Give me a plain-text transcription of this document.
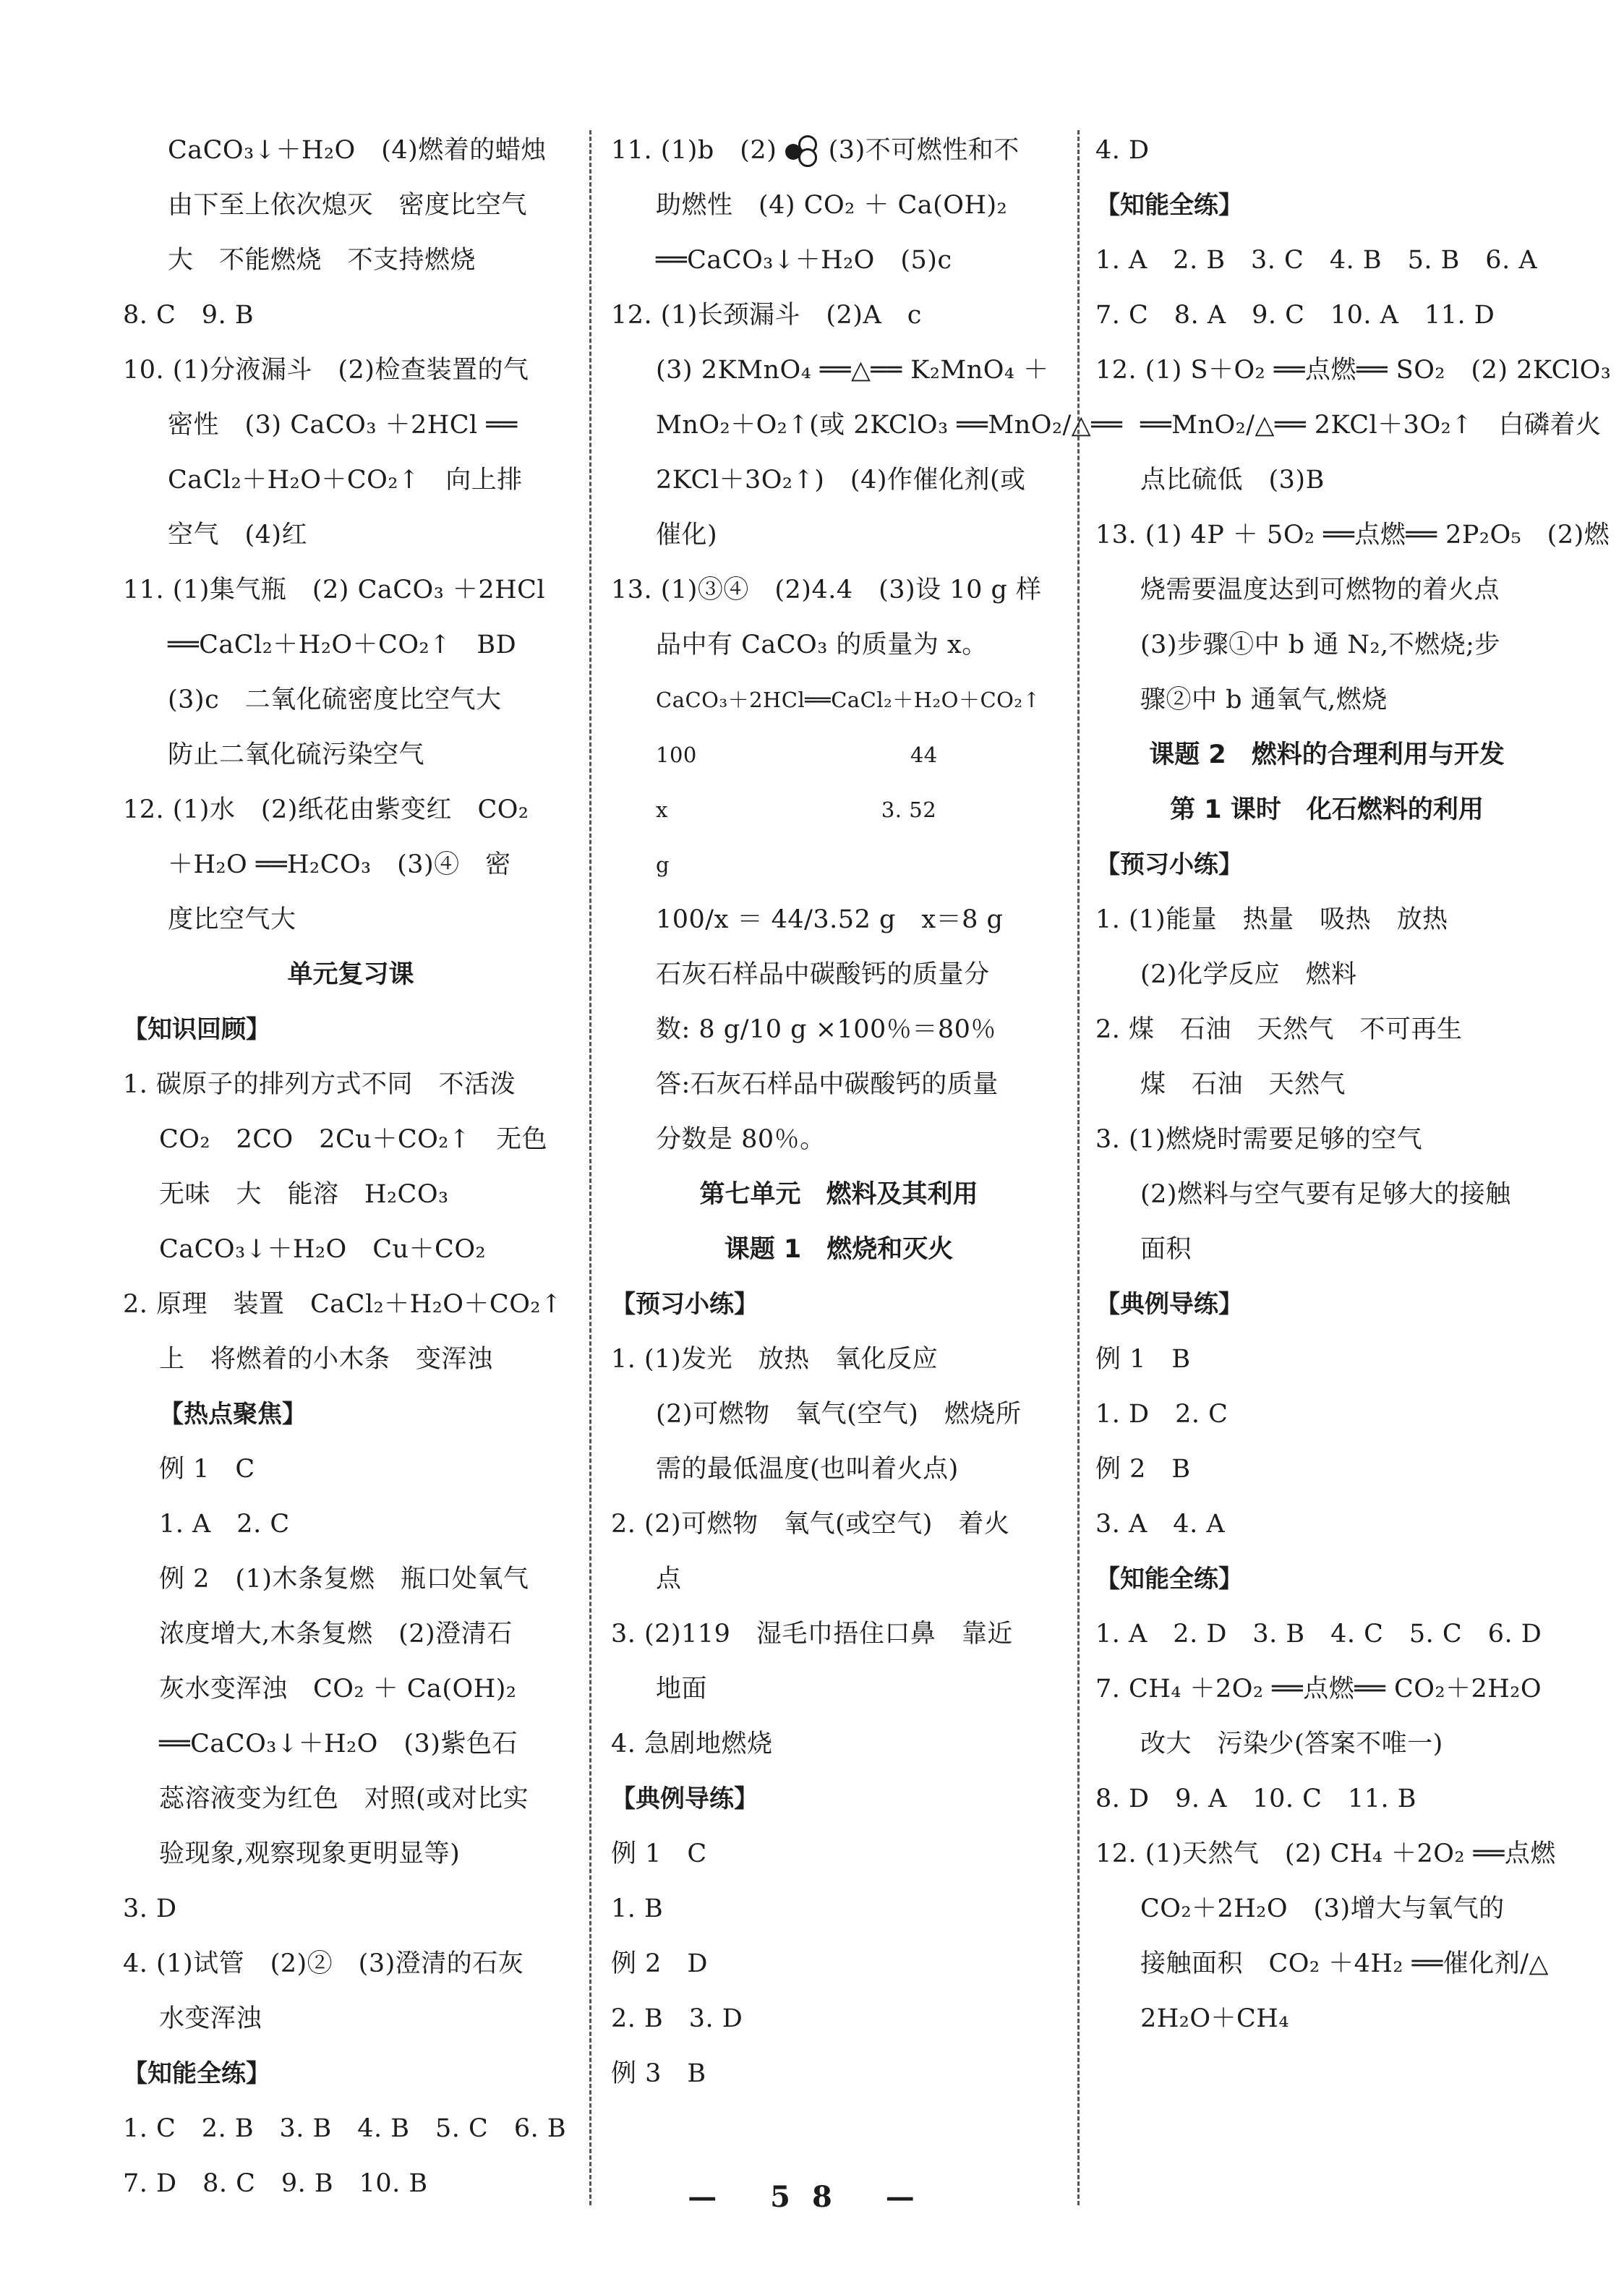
CaCO₃↓＋H₂O　(4)燃着的蜡烛
由下至上依次熄灭　密度比空气
大　不能燃烧　不支持燃烧
8. C　9. B
10. (1)分液漏斗　(2)检查装置的气
密性　(3) CaCO₃ ＋2HCl ══
CaCl₂＋H₂O＋CO₂↑　向上排
空气　(4)红
11. (1)集气瓶　(2) CaCO₃ ＋2HCl
══CaCl₂＋H₂O＋CO₂↑　BD
(3)c　二氧化硫密度比空气大
防止二氧化硫污染空气
12. (1)水　(2)纸花由紫变红　CO₂
＋H₂O ══H₂CO₃　(3)④　密
度比空气大
单元复习课
【知识回顾】
1. 碳原子的排列方式不同　不活泼
CO₂　2CO　2Cu＋CO₂↑　无色
无味　大　能溶　H₂CO₃
CaCO₃↓＋H₂O　Cu＋CO₂
2. 原理　装置　CaCl₂＋H₂O＋CO₂↑
上　将燃着的小木条　变浑浊
【热点聚焦】
例 1　C
1. A　2. C
例 2　(1)木条复燃　瓶口处氧气
浓度增大,木条复燃　(2)澄清石
灰水变浑浊　CO₂ ＋ Ca(OH)₂
══CaCO₃↓＋H₂O　(3)紫色石
蕊溶液变为红色　对照(或对比实
验现象,观察现象更明显等)
3. D
4. (1)试管　(2)②　(3)澄清的石灰
水变浑浊
【知能全练】
1. C　2. B　3. B　4. B　5. C　6. B
7. D　8. C　9. B　10. B
11. (1)b　(2) (3)不可燃性和不
助燃性　(4) CO₂ ＋ Ca(OH)₂
══CaCO₃↓＋H₂O　(5)c
12. (1)长颈漏斗　(2)A　c
(3) 2KMnO₄ ══△══ K₂MnO₄ ＋
MnO₂＋O₂↑(或 2KClO₃ ══MnO₂/△══
2KCl＋3O₂↑)　(4)作催化剂(或
催化)
13. (1)③④　(2)4.4　(3)设 10 g 样
品中有 CaCO₃ 的质量为 x。
CaCO₃＋2HCl══CaCl₂＋H₂O＋CO₂↑
100　　　　　　　　　　44
x　　　　　　　　　　3. 52
g
100/x ＝ 44/3.52 g　x＝8 g
石灰石样品中碳酸钙的质量分
数: 8 g/10 g ×100％＝80％
答:石灰石样品中碳酸钙的质量
分数是 80％。
第七单元　燃料及其利用
课题 1　燃烧和灭火
【预习小练】
1. (1)发光　放热　氧化反应
(2)可燃物　氧气(空气)　燃烧所
需的最低温度(也叫着火点)
2. (2)可燃物　氧气(或空气)　着火
点
3. (2)119　湿毛巾捂住口鼻　靠近
地面
4. 急剧地燃烧
【典例导练】
例 1　C
1. B
例 2　D
2. B　3. D
例 3　B
4. D
【知能全练】
1. A　2. B　3. C　4. B　5. B　6. A
7. C　8. A　9. C　10. A　11. D
12. (1) S＋O₂ ══点燃══ SO₂　(2) 2KClO₃
══MnO₂/△══ 2KCl＋3O₂↑　白磷着火
点比硫低　(3)B
13. (1) 4P ＋ 5O₂ ══点燃══ 2P₂O₅　(2)燃
烧需要温度达到可燃物的着火点
(3)步骤①中 b 通 N₂,不燃烧;步
骤②中 b 通氧气,燃烧
课题 2　燃料的合理利用与开发
第 1 课时　化石燃料的利用
【预习小练】
1. (1)能量　热量　吸热　放热
(2)化学反应　燃料
2. 煤　石油　天然气　不可再生
煤　石油　天然气
3. (1)燃烧时需要足够的空气
(2)燃料与空气要有足够大的接触
面积
【典例导练】
例 1　B
1. D　2. C
例 2　B
3. A　4. A
【知能全练】
1. A　2. D　3. B　4. C　5. C　6. D
7. CH₄ ＋2O₂ ══点燃══ CO₂＋2H₂O
改大　污染少(答案不唯一)
8. D　9. A　10. C　11. B
12. (1)天然气　(2) CH₄ ＋2O₂ ══点燃
CO₂＋2H₂O　(3)增大与氧气的
接触面积　CO₂ ＋4H₂ ══催化剂/△
2H₂O＋CH₄
— 58 —
